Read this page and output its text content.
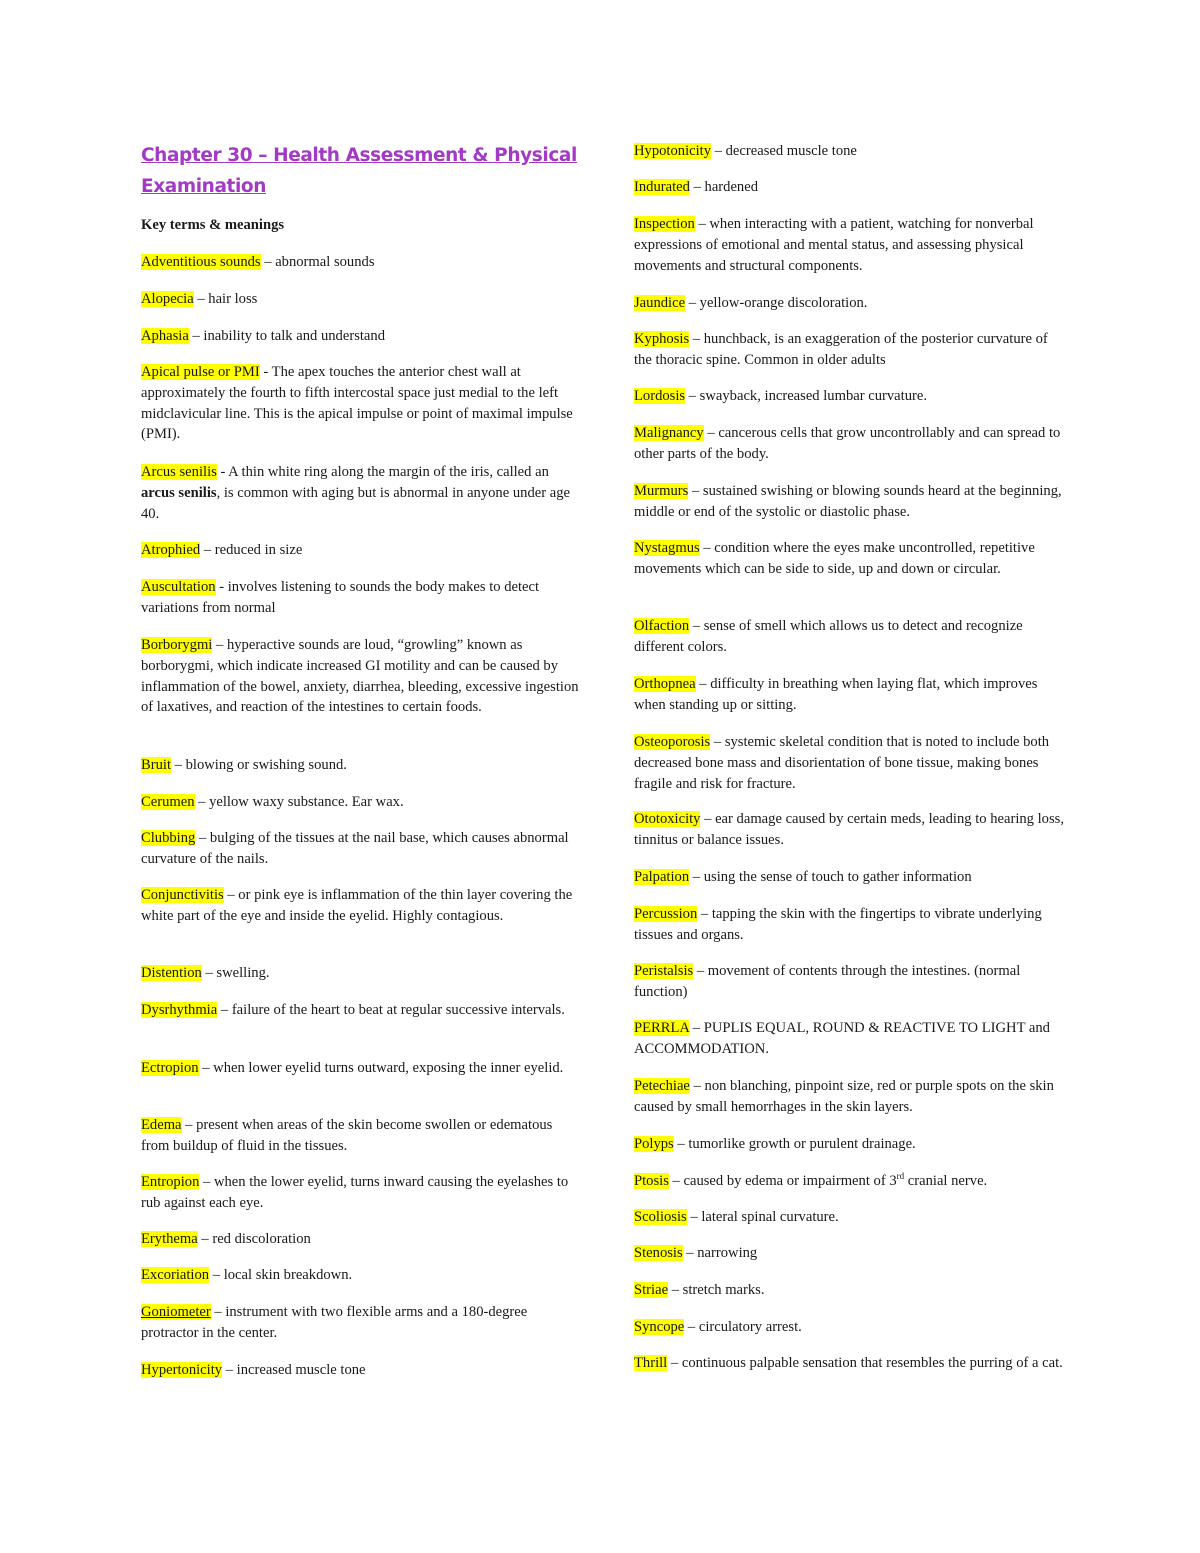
Chapter 30 – Health Assessment & Physical Examination
Key terms & meanings
Adventitious sounds – abnormal sounds
Alopecia – hair loss
Aphasia – inability to talk and understand
Apical pulse or PMI - The apex touches the anterior chest wall at approximately the fourth to fifth intercostal space just medial to the left midclavicular line. This is the apical impulse or point of maximal impulse (PMI).
Arcus senilis - A thin white ring along the margin of the iris, called an arcus senilis, is common with aging but is abnormal in anyone under age 40.
Atrophied – reduced in size
Auscultation - involves listening to sounds the body makes to detect variations from normal
Borborygmi – hyperactive sounds are loud, “growling” known as borborygmi, which indicate increased GI motility and can be caused by inflammation of the bowel, anxiety, diarrhea, bleeding, excessive ingestion of laxatives, and reaction of the intestines to certain foods.
Bruit – blowing or swishing sound.
Cerumen – yellow waxy substance. Ear wax.
Clubbing – bulging of the tissues at the nail base, which causes abnormal curvature of the nails.
Conjunctivitis – or pink eye is inflammation of the thin layer covering the white part of the eye and inside the eyelid. Highly contagious.
Distention – swelling.
Dysrhythmia – failure of the heart to beat at regular successive intervals.
Ectropion – when lower eyelid turns outward, exposing the inner eyelid.
Edema – present when areas of the skin become swollen or edematous from buildup of fluid in the tissues.
Entropion – when the lower eyelid, turns inward causing the eyelashes to rub against each eye.
Erythema – red discoloration
Excoriation – local skin breakdown.
Goniometer – instrument with two flexible arms and a 180-degree protractor in the center.
Hypertonicity – increased muscle tone
Hypotonicity – decreased muscle tone
Indurated – hardened
Inspection – when interacting with a patient, watching for nonverbal expressions of emotional and mental status, and assessing physical movements and structural components.
Jaundice – yellow-orange discoloration.
Kyphosis – hunchback, is an exaggeration of the posterior curvature of the thoracic spine. Common in older adults
Lordosis – swayback, increased lumbar curvature.
Malignancy – cancerous cells that grow uncontrollably and can spread to other parts of the body.
Murmurs – sustained swishing or blowing sounds heard at the beginning, middle or end of the systolic or diastolic phase.
Nystagmus – condition where the eyes make uncontrolled, repetitive movements which can be side to side, up and down or circular.
Olfaction – sense of smell which allows us to detect and recognize different colors.
Orthopnea – difficulty in breathing when laying flat, which improves when standing up or sitting.
Osteoporosis – systemic skeletal condition that is noted to include both decreased bone mass and disorientation of bone tissue, making bones fragile and risk for fracture.
Ototoxicity – ear damage caused by certain meds, leading to hearing loss, tinnitus or balance issues.
Palpation – using the sense of touch to gather information
Percussion – tapping the skin with the fingertips to vibrate underlying tissues and organs.
Peristalsis – movement of contents through the intestines. (normal function)
PERRLA – PUPLIS EQUAL, ROUND & REACTIVE TO LIGHT and ACCOMMODATION.
Petechiae – non blanching, pinpoint size, red or purple spots on the skin caused by small hemorrhages in the skin layers.
Polyps – tumorlike growth or purulent drainage.
Ptosis – caused by edema or impairment of 3rd cranial nerve.
Scoliosis – lateral spinal curvature.
Stenosis – narrowing
Striae – stretch marks.
Syncope – circulatory arrest.
Thrill – continuous palpable sensation that resembles the purring of a cat.
